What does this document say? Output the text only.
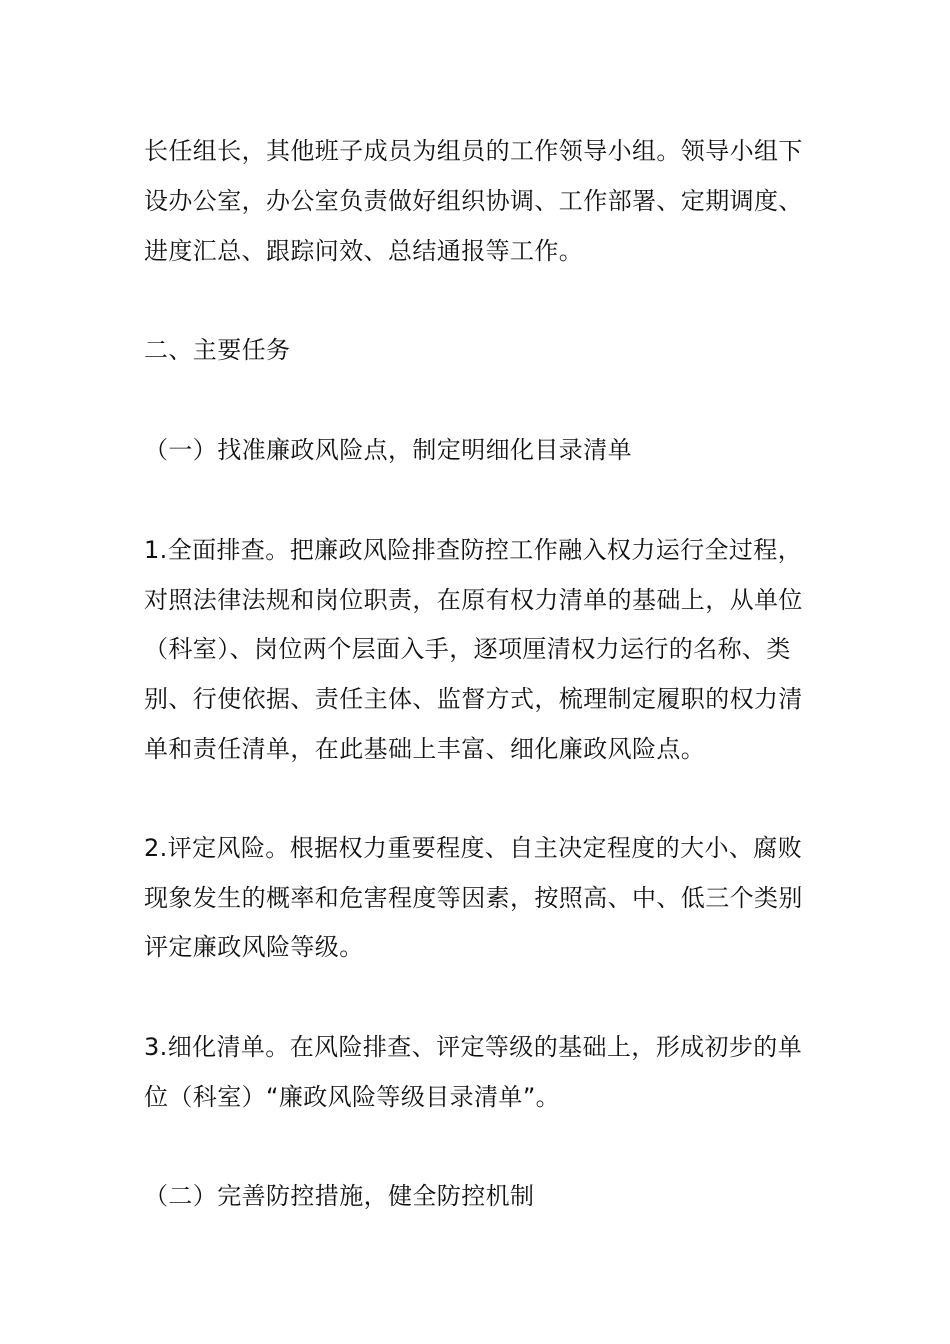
长任组长，其他班子成员为组员的工作领导小组。领导小组下
设办公室，办公室负责做好组织协调、工作部署、定期调度、
进度汇总、跟踪问效、总结通报等工作。
二、主要任务
（一）找准廉政风险点，制定明细化目录清单
1.全面排查。把廉政风险排查防控工作融入权力运行全过程，
对照法律法规和岗位职责，在原有权力清单的基础上，从单位
（科室）、岗位两个层面入手，逐项厘清权力运行的名称、类
别、行使依据、责任主体、监督方式，梳理制定履职的权力清
单和责任清单，在此基础上丰富、细化廉政风险点。
2.评定风险。根据权力重要程度、自主决定程度的大小、腐败
现象发生的概率和危害程度等因素，按照高、中、低三个类别
评定廉政风险等级。
3.细化清单。在风险排查、评定等级的基础上，形成初步的单
位（科室）“廉政风险等级目录清单”。
（二）完善防控措施，健全防控机制
